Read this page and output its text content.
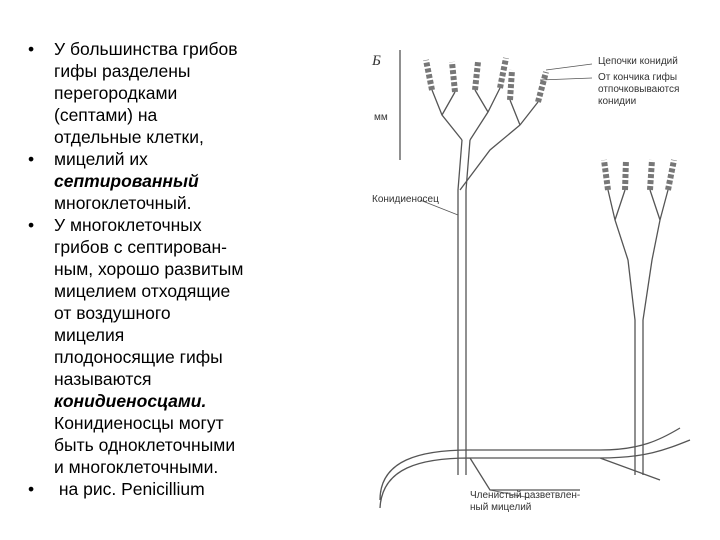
• У большинства грибов
гифы разделены
перегородками
(септами) на
отдельные клетки,
• мицелий их
септированный
многоклеточный.
• У многоклеточных
грибов с септирован-
ным, хорошо развитым
мицелием отходящие
от воздушного
мицелия
плодоносящие гифы
называются
конидиеносцами.
Конидиеносцы могут
быть одноклеточными
и многоклеточными.
• на рис. Penicillium
Б
мм
Цепочки конидий
От кончика гифы
отпочковываются
конидии
Конидиеносец
Членистый разветвлен-
ный мицелий
